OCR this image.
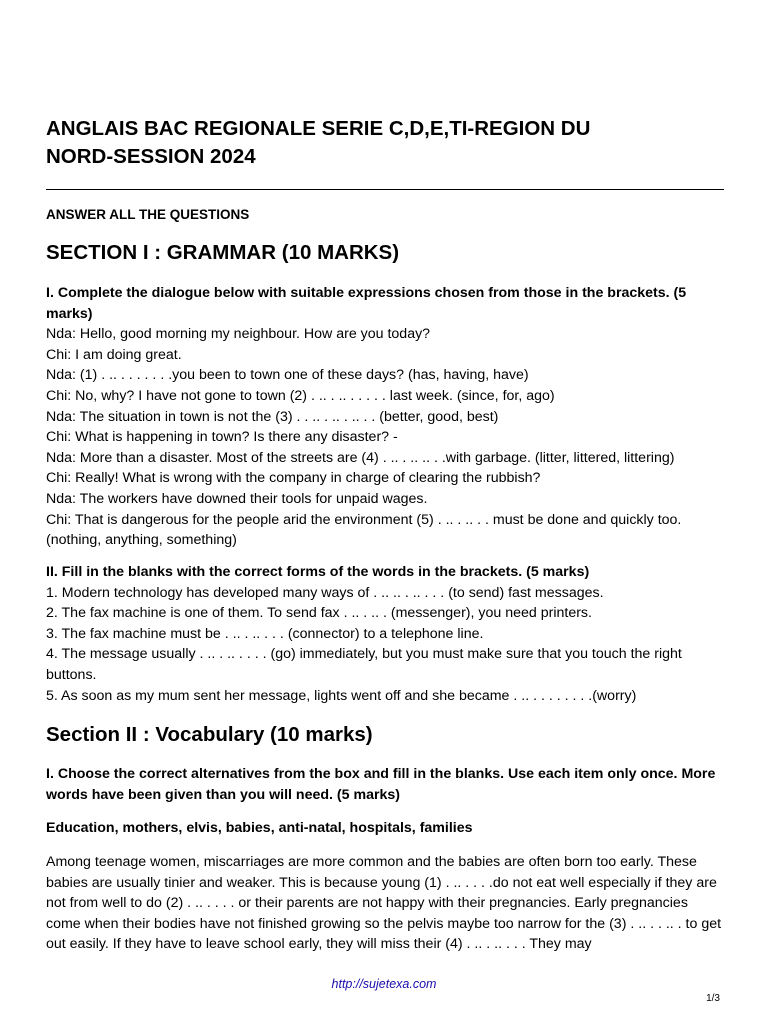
ANGLAIS BAC REGIONALE SERIE C,D,E,TI-REGION DU
NORD-SESSION 2024
ANSWER ALL THE QUESTIONS
SECTION I : GRAMMAR (10 MARKS)
I. Complete the dialogue below with suitable expressions chosen from those in the brackets. (5 marks)
Nda: Hello, good morning my neighbour. How are you today?
Chi: I am doing great.
Nda: (1) . .. . . . . . . .you been to town one of these days? (has, having, have)
Chi: No, why? I have not gone to town (2) . .. . .. . . . . . last week. (since, for, ago)
Nda: The situation in town is not the (3) . . .. . .. . .. . . (better, good, best)
Chi: What is happening in town? Is there any disaster? -
Nda: More than a disaster. Most of the streets are (4) . .. . .. .. . .with garbage. (litter, littered, littering)
Chi: Really! What is wrong with the company in charge of clearing the rubbish?
Nda: The workers have downed their tools for unpaid wages.
Chi: That is dangerous for the people arid the environment (5) . .. . .. . . must be done and quickly too. (nothing, anything, something)
II. Fill in the blanks with the correct forms of the words in the brackets. (5 marks)
1. Modern technology has developed many ways of . .. .. . .. . . . (to send) fast messages.
2. The fax machine is one of them. To send fax . .. . .. . (messenger), you need printers.
3. The fax machine must be . .. . .. . . . (connector) to a telephone line.
4. The message usually . .. . .. . . . . (go) immediately, but you must make sure that you touch the right buttons.
5. As soon as my mum sent her message, lights went off and she became . .. . . . . . . . .(worry)
Section II : Vocabulary (10 marks)
I. Choose the correct alternatives from the box and fill in the blanks. Use each item only once. More words have been given than you will need. (5 marks)
Education, mothers, elvis, babies, anti-natal, hospitals, families
Among teenage women, miscarriages are more common and the babies are often born too early. These babies are usually tinier and weaker. This is because young (1) . .. . . . .do not eat well especially if they are not from well to do (2) . .. . . . . or their parents are not happy with their pregnancies. Early pregnancies come when their bodies have not finished growing so the pelvis maybe too narrow for the (3) . .. . . .. . to get out easily. If they have to leave school early, they will miss their (4) . .. . .. . . . They may
http://sujetexa.com
1/3
